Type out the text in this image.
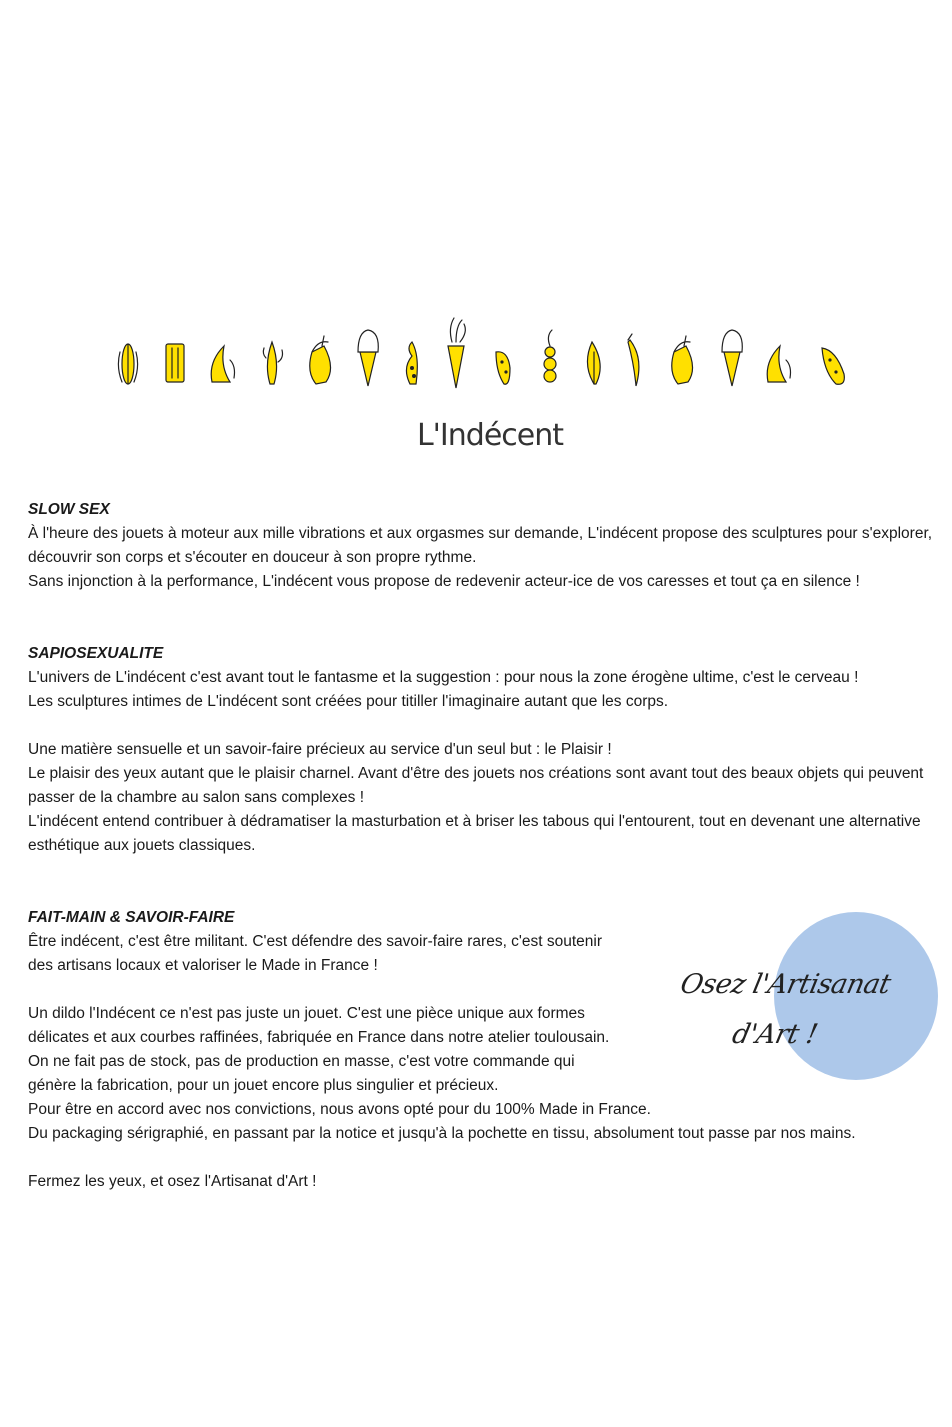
L'Indécent
SLOW SEX

À l'heure des jouets à moteur aux mille vibrations et aux orgasmes sur demande, L'indécent propose des sculptures pour s'explorer, découvrir son corps et s'écouter en douceur à son propre rythme.

Sans injonction à la performance, L'indécent vous propose de redevenir acteur-ice de vos caresses et tout ça en silence !

SAPIOSEXUALITE

L'univers de L'indécent c'est avant tout le fantasme et la suggestion : pour nous la zone érogène ultime, c'est le cerveau !

Les sculptures intimes de L'indécent sont créées pour titiller l'imaginaire autant que les corps.

Une matière sensuelle et un savoir-faire précieux au service d'un seul but : le Plaisir !

Le plaisir des yeux autant que le plaisir charnel. Avant d'être des jouets nos créations sont avant tout des beaux objets qui peuvent passer de la chambre au salon sans complexes !

L'indécent entend contribuer à dédramatiser la masturbation et à briser les tabous qui l'entourent, tout en devenant une alternative esthétique aux jouets classiques.

FAIT-MAIN & SAVOIR-FAIRE

Être indécent, c'est être militant. C'est défendre des savoir-faire rares, c'est soutenir des artisans locaux et valoriser le Made in France !

Un dildo l'Indécent ce n'est pas juste un jouet. C'est une pièce unique aux formes délicates et aux courbes raffinées, fabriquée en France dans notre atelier toulousain. On ne fait pas de stock, pas de production en masse, c'est votre commande qui génère la fabrication, pour un jouet encore plus singulier et précieux.

Pour être en accord avec nos convictions, nous avons opté pour du 100% Made in France.

Du packaging sérigraphié, en passant par la notice et jusqu'à la pochette en tissu, absolument tout passe par nos mains.

Fermez les yeux, et osez l'Artisanat d'Art !

Osez l'Artisanat
d'Art !
